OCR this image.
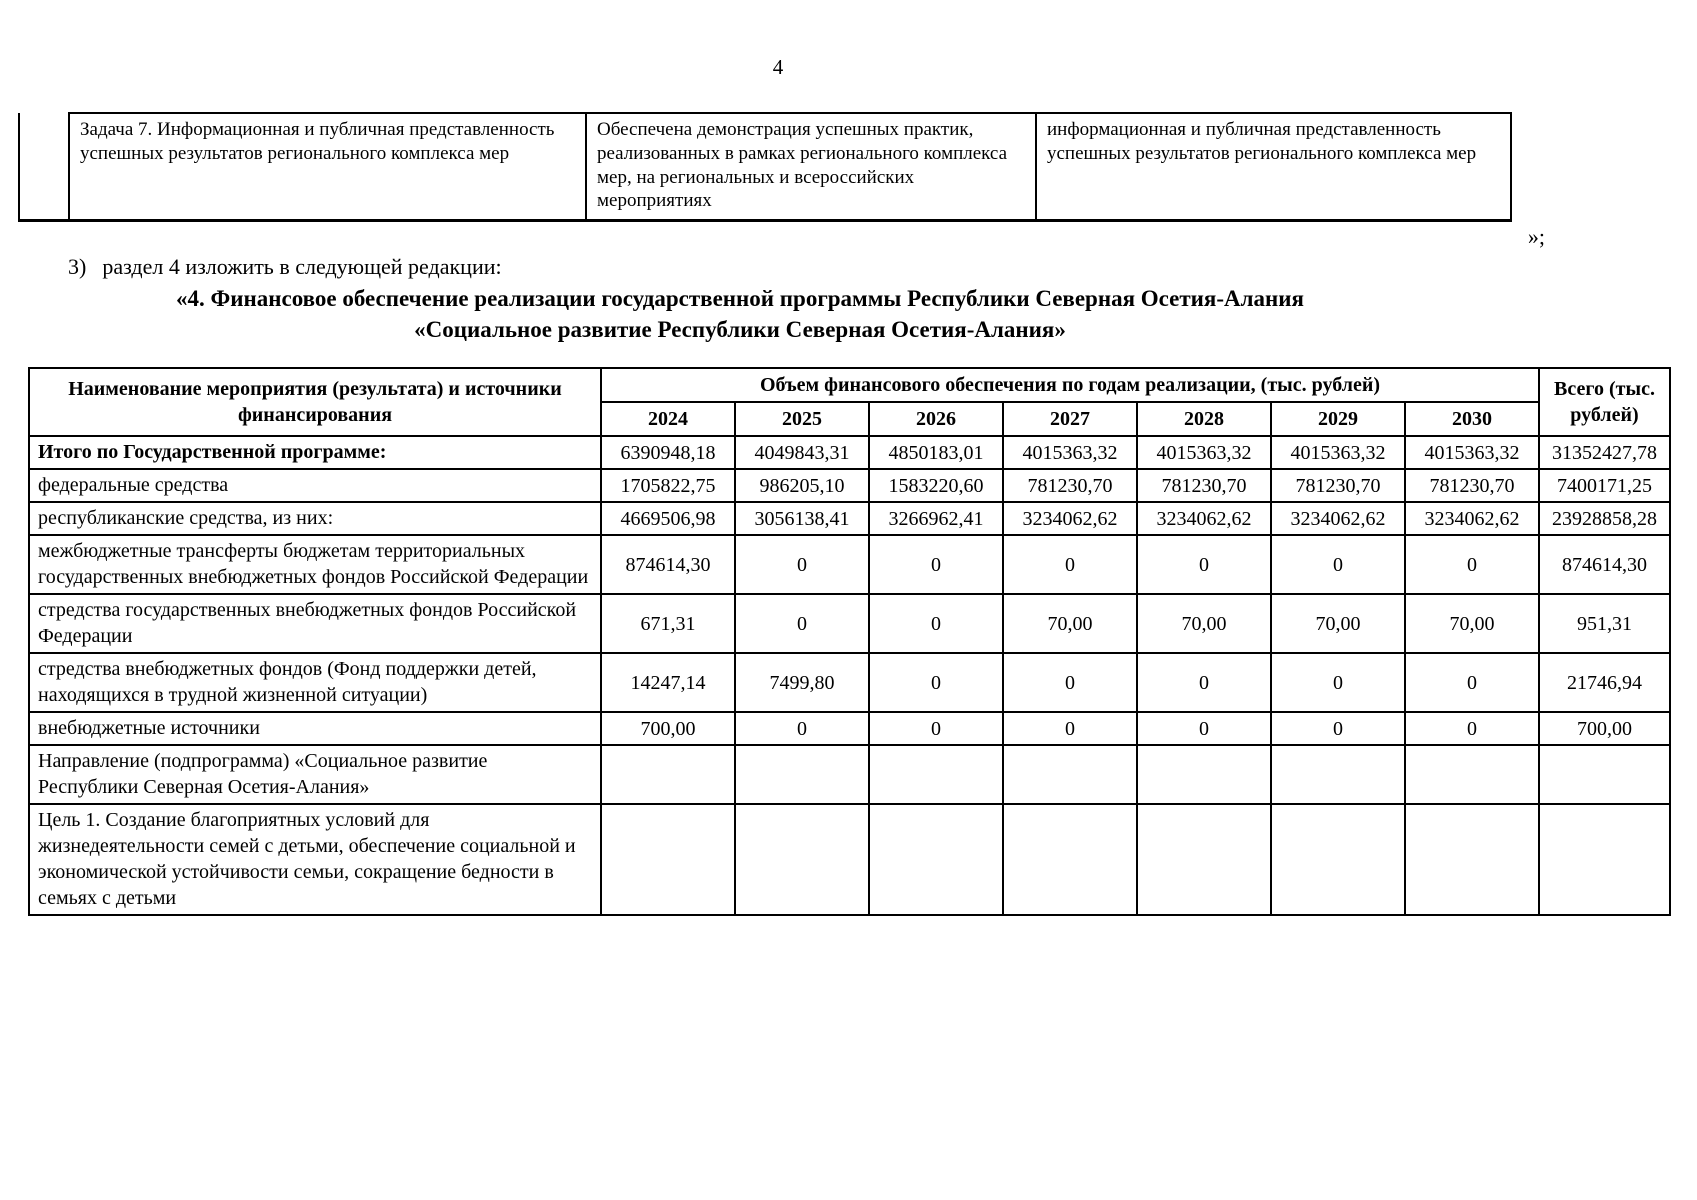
4
	Задача 7. Информационная и публичная представленность успешных результатов регионального комплекса мер	Обеспечена демонстрация успешных практик, реализованных в рамках регионального комплекса мер, на региональных и всероссийских мероприятиях	информационная и публичная представленность успешных результатов регионального комплекса мер
»;
3) раздел 4 изложить в следующей редакции:
«4. Финансовое обеспечение реализации государственной программы Республики Северная Осетия-Алания
«Социальное развитие Республики Северная Осетия-Алания»
Наименование мероприятия (результата) и источники финансирования	Объем финансового обеспечения по годам реализации, (тыс. рублей)							Всего (тыс. рублей)
	2024	2025	2026	2027	2028	2029	2030	
Итого по Государственной программе:	6390948,18	4049843,31	4850183,01	4015363,32	4015363,32	4015363,32	4015363,32	31352427,78
федеральные средства	1705822,75	986205,10	1583220,60	781230,70	781230,70	781230,70	781230,70	7400171,25
республиканские средства, из них:	4669506,98	3056138,41	3266962,41	3234062,62	3234062,62	3234062,62	3234062,62	23928858,28
межбюджетные трансферты бюджетам территориальных государственных внебюджетных фондов Российской Федерации	874614,30	0	0	0	0	0	0	874614,30
стредства государственных внебюджетных фондов Российской Федерации	671,31	0	0	70,00	70,00	70,00	70,00	951,31
стредства внебюджетных фондов (Фонд поддержки детей, находящихся в трудной жизненной ситуации)	14247,14	7499,80	0	0	0	0	0	21746,94
внебюджетные источники	700,00	0	0	0	0	0	0	700,00
Направление (подпрограмма) «Социальное развитие Республики Северная Осетия-Алания»								
Цель 1. Создание благоприятных условий для жизнедеятельности семей с детьми, обеспечение социальной и экономической устойчивости семьи, сокращение бедности в семьях с детьми								
